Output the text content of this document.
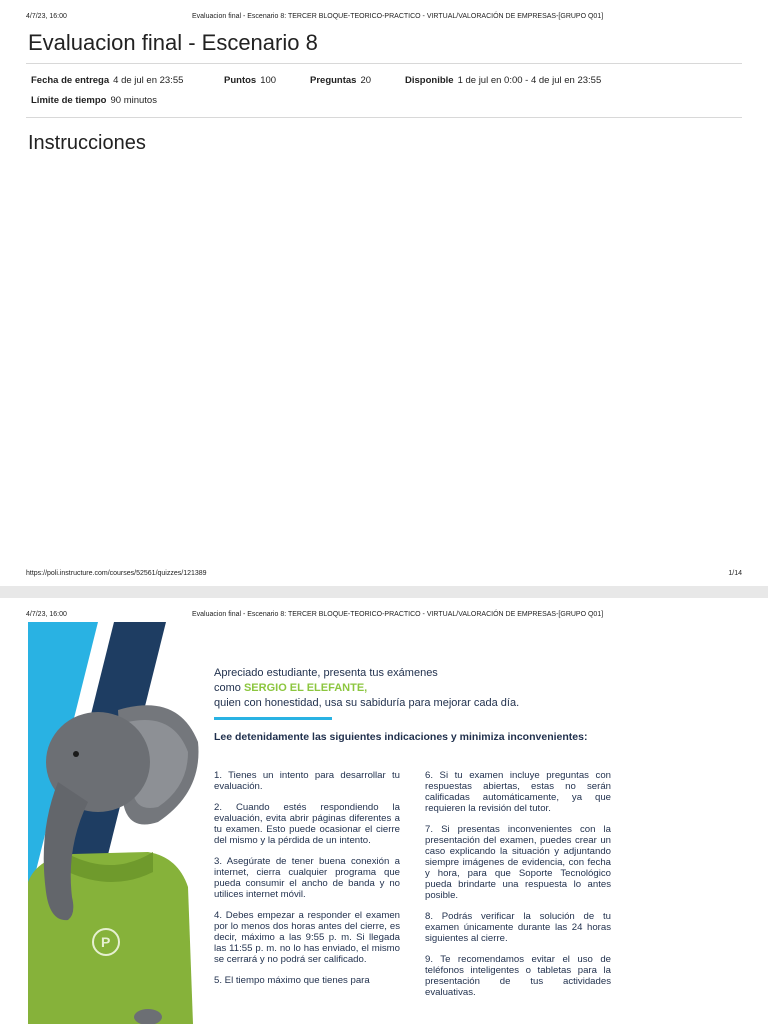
4/7/23, 16:00	Evaluacion final - Escenario 8: TERCER BLOQUE-TEORICO-PRACTICO - VIRTUAL/VALORACIÓN DE EMPRESAS-[GRUPO Q01]
Evaluacion final - Escenario 8
Fecha de entrega 4 de jul en 23:55	Puntos 100	Preguntas 20	Disponible 1 de jul en 0:00 - 4 de jul en 23:55
Límite de tiempo 90 minutos
Instrucciones
https://poli.instructure.com/courses/52561/quizzes/121389	1/14
4/7/23, 16:00	Evaluacion final - Escenario 8: TERCER BLOQUE-TEORICO-PRACTICO - VIRTUAL/VALORACIÓN DE EMPRESAS-[GRUPO Q01]
P
Apreciado estudiante, presenta tus exámenes
como SERGIO EL ELEFANTE,
quien con honestidad, usa su sabiduría para mejorar cada día.
Lee detenidamente las siguientes indicaciones y minimiza inconvenientes:

1. Tienes un intento para desarrollar tu evaluación.

2. Cuando estés respondiendo la evaluación, evita abrir páginas diferentes a tu examen. Esto puede ocasionar el cierre del mismo y la pérdida de un intento.

3. Asegúrate de tener buena conexión a internet, cierra cualquier programa que pueda consumir el ancho de banda y no utilices internet móvil.

4. Debes empezar a responder el examen por lo menos dos horas antes del cierre, es decir, máximo a las 9:55 p. m. Si llegada las 11:55 p. m. no lo has enviado, el mismo se cerrará y no podrá ser calificado.

5. El tiempo máximo que tienes para

6. Si tu examen incluye preguntas con respuestas abiertas, estas no serán calificadas automáticamente, ya que requieren la revisión del tutor.

7. Si presentas inconvenientes con la presentación del examen, puedes crear un caso explicando la situación y adjuntando siempre imágenes de evidencia, con fecha y hora, para que Soporte Tecnológico pueda brindarte una respuesta lo antes posible.

8. Podrás verificar la solución de tu examen únicamente durante las 24 horas siguientes al cierre.

9. Te recomendamos evitar el uso de teléfonos inteligentes o tabletas para la presentación de tus actividades evaluativas.
